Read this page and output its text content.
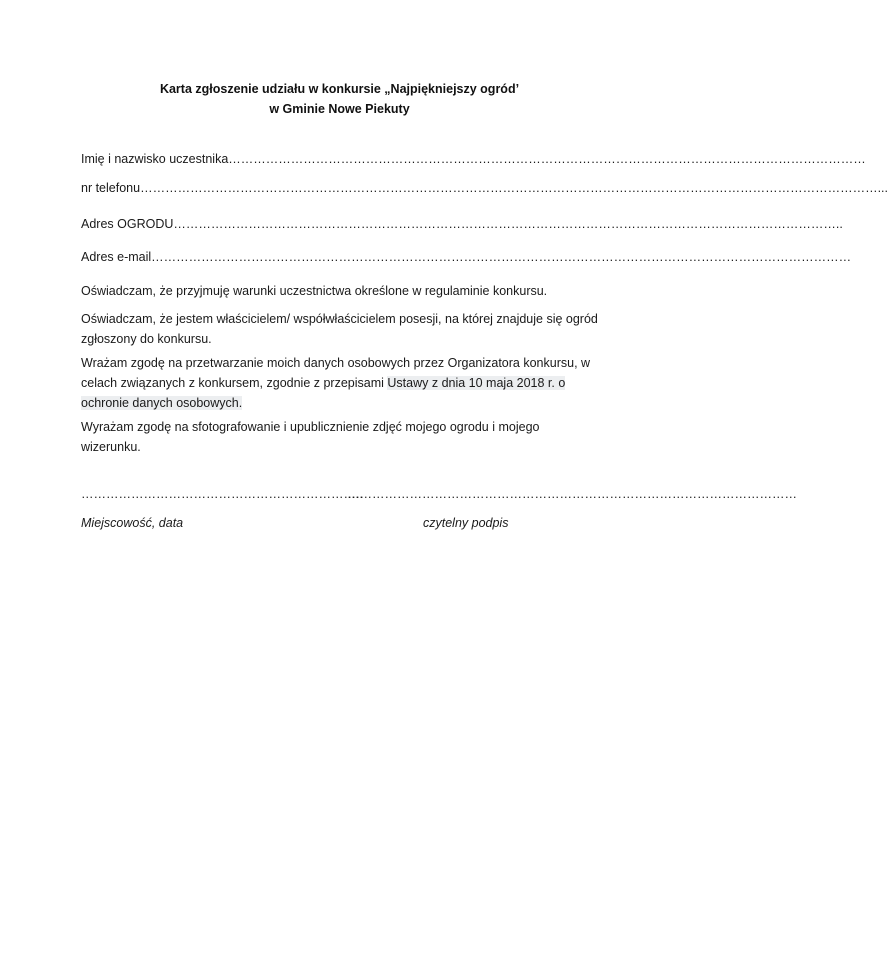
Karta zgłoszenie udziału w konkursie „Najpiękniejszy ogród’
w Gminie Nowe Piekuty
Imię i nazwisko uczestnika………………………………………………………………………………………………………………………………………
nr telefonu……………………………………………………………………………………………………………………………………………………………...
Adres OGRODU……………………………………………………………………………………………………………………………………………..
Adres e-mail……………………………………………………………………………………………………………………………………………………
Oświadczam, że przyjmuję warunki uczestnictwa określone w regulaminie konkursu.
Oświadczam, że jestem właścicielem/ współwłaścicielem posesji, na której znajduje się ogród zgłoszony do konkursu.
Wrażam zgodę na przetwarzanie moich danych osobowych przez Organizatora konkursu, w celach związanych z konkursem, zgodnie z przepisami Ustawy z dnia 10 maja 2018 r. o ochronie danych osobowych.
Wyrażam zgodę na sfotografowanie i upublicznienie zdjęć mojego ogrodu i mojego wizerunku.
…………………………………………………………..
………………………………………………………………………………………………
Miejscowość, data	czytelny podpis
